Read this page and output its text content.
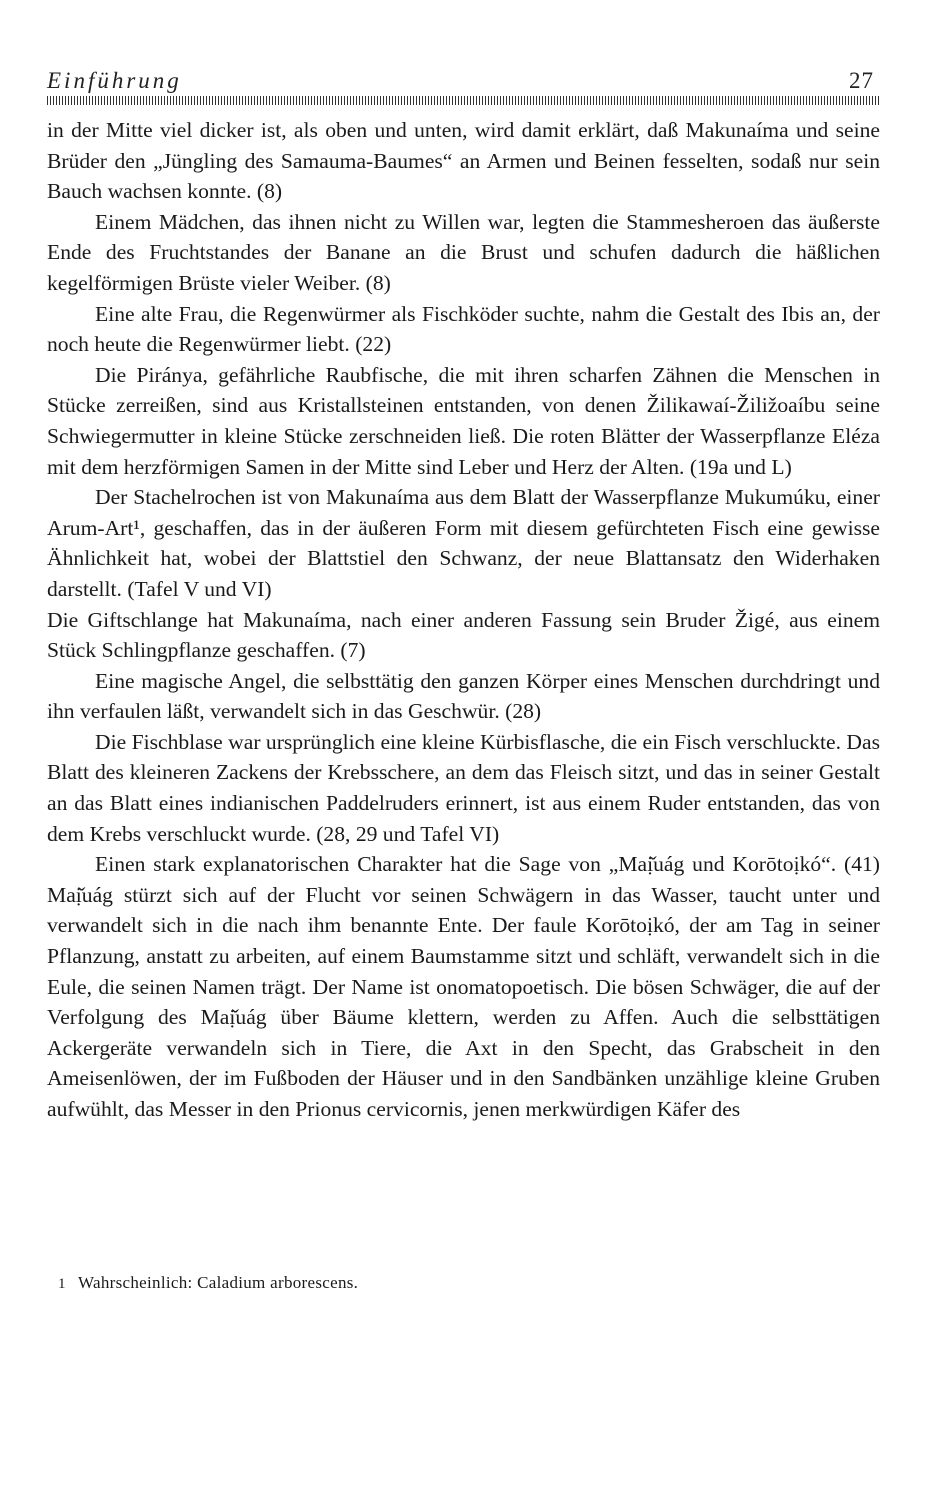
Einführung	27

in der Mitte viel dicker ist, als oben und unten, wird damit erklärt, daß Makunaíma und seine Brüder den „Jüngling des Samauma-Baumes“ an Armen und Beinen fesselten, sodaß nur sein Bauch wachsen konnte. (8)

Einem Mädchen, das ihnen nicht zu Willen war, legten die Stammesheroen das äußerste Ende des Fruchtstandes der Banane an die Brust und schufen dadurch die häßlichen kegelförmigen Brüste vieler Weiber. (8)

Eine alte Frau, die Regenwürmer als Fischköder suchte, nahm die Gestalt des Ibis an, der noch heute die Regenwürmer liebt. (22)

Die Piránya, gefährliche Raubfische, die mit ihren scharfen Zähnen die Menschen in Stücke zerreißen, sind aus Kristallsteinen entstanden, von denen Žilikawaí-Žiližoaíbu seine Schwiegermutter in kleine Stücke zerschneiden ließ. Die roten Blätter der Wasserpflanze Eléza mit dem herzförmigen Samen in der Mitte sind Leber und Herz der Alten. (19a und L)

Der Stachelrochen ist von Makunaíma aus dem Blatt der Wasserpflanze Mukumúku, einer Arum-Art¹, geschaffen, das in der äußeren Form mit diesem gefürchteten Fisch eine gewisse Ähnlichkeit hat, wobei der Blattstiel den Schwanz, der neue Blattansatz den Widerhaken darstellt. (Tafel V und VI)

Die Giftschlange hat Makunaíma, nach einer anderen Fassung sein Bruder Žigé, aus einem Stück Schlingpflanze geschaffen. (7)

Eine magische Angel, die selbsttätig den ganzen Körper eines Menschen durchdringt und ihn verfaulen läßt, verwandelt sich in das Geschwür. (28)

Die Fischblase war ursprünglich eine kleine Kürbisflasche, die ein Fisch verschluckte. Das Blatt des kleineren Zackens der Krebsschere, an dem das Fleisch sitzt, und das in seiner Gestalt an das Blatt eines indianischen Paddelruders erinnert, ist aus einem Ruder entstanden, das von dem Krebs verschluckt wurde. (28, 29 und Tafel VI)

Einen stark explanatorischen Charakter hat die Sage von „Maị̌uág und Korōtoịkó“. (41) Maị̌uág stürzt sich auf der Flucht vor seinen Schwägern in das Wasser, taucht unter und verwandelt sich in die nach ihm benannte Ente. Der faule Korōtoịkó, der am Tag in seiner Pflanzung, anstatt zu arbeiten, auf einem Baumstamme sitzt und schläft, verwandelt sich in die Eule, die seinen Namen trägt. Der Name ist onomatopoetisch. Die bösen Schwäger, die auf der Verfolgung des Maị̌uág über Bäume klettern, werden zu Affen. Auch die selbsttätigen Ackergeräte verwandeln sich in Tiere, die Axt in den Specht, das Grabscheit in den Ameisenlöwen, der im Fußboden der Häuser und in den Sandbänken unzählige kleine Gruben aufwühlt, das Messer in den Prionus cervicornis, jenen merkwürdigen Käfer des

1 Wahrscheinlich: Caladium arborescens.
